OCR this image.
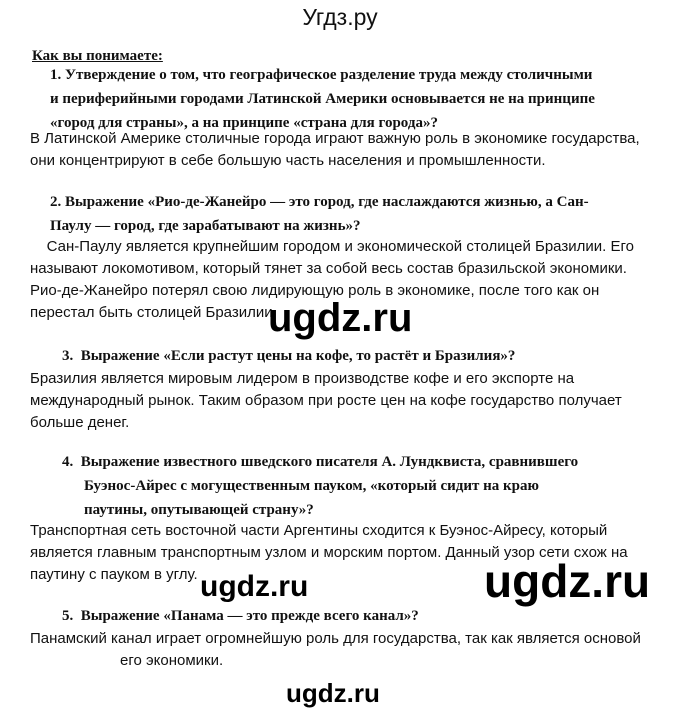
Угдз.ру
Как вы понимаете:
1. Утверждение о том, что географическое разделение труда между столичными
и периферийными городами Латинской Америки основывается не на принципе
«город для страны», а на принципе «страна для города»?
В Латинской Америке столичные города играют важную роль в экономике государства,
они концентрируют в себе большую часть населения и промышленности.
2. Выражение «Рио-де-Жанейро — это город, где наслаждаются жизнью, а Сан-
Паулу — город, где зарабатывают на жизнь»?
Сан-Паулу является крупнейшим городом и экономической столицей Бразилии. Его
называют локомотивом, который тянет за собой весь состав бразильской экономики.
Рио-де-Жанейро потерял свою лидирующую роль в экономике, после того как он
перестал быть столицей Бразилии.
3.  Выражение «Если растут цены на кофе, то растёт и Бразилия»?
Бразилия является мировым лидером в производстве кофе и его экспорте на
международный рынок. Таким образом при росте цен на кофе государство получает
больше денег.
4.  Выражение известного шведского писателя А. Лундквиста, сравнившего
Буэнос-Айрес с могущественным пауком, «который сидит на краю
паутины, опутывающей страну»?
Транспортная сеть восточной части Аргентины сходится к Буэнос-Айресу, который
является главным транспортным узлом и морским портом. Данный узор сети схож на
паутину с пауком в углу.
5.  Выражение «Панама — это прежде всего канал»?
Панамский канал играет огромнейшую роль для государства, так как является основой
его экономики.
ugdz.ru
ugdz.ru	ugdz.ru
ugdz.ru
